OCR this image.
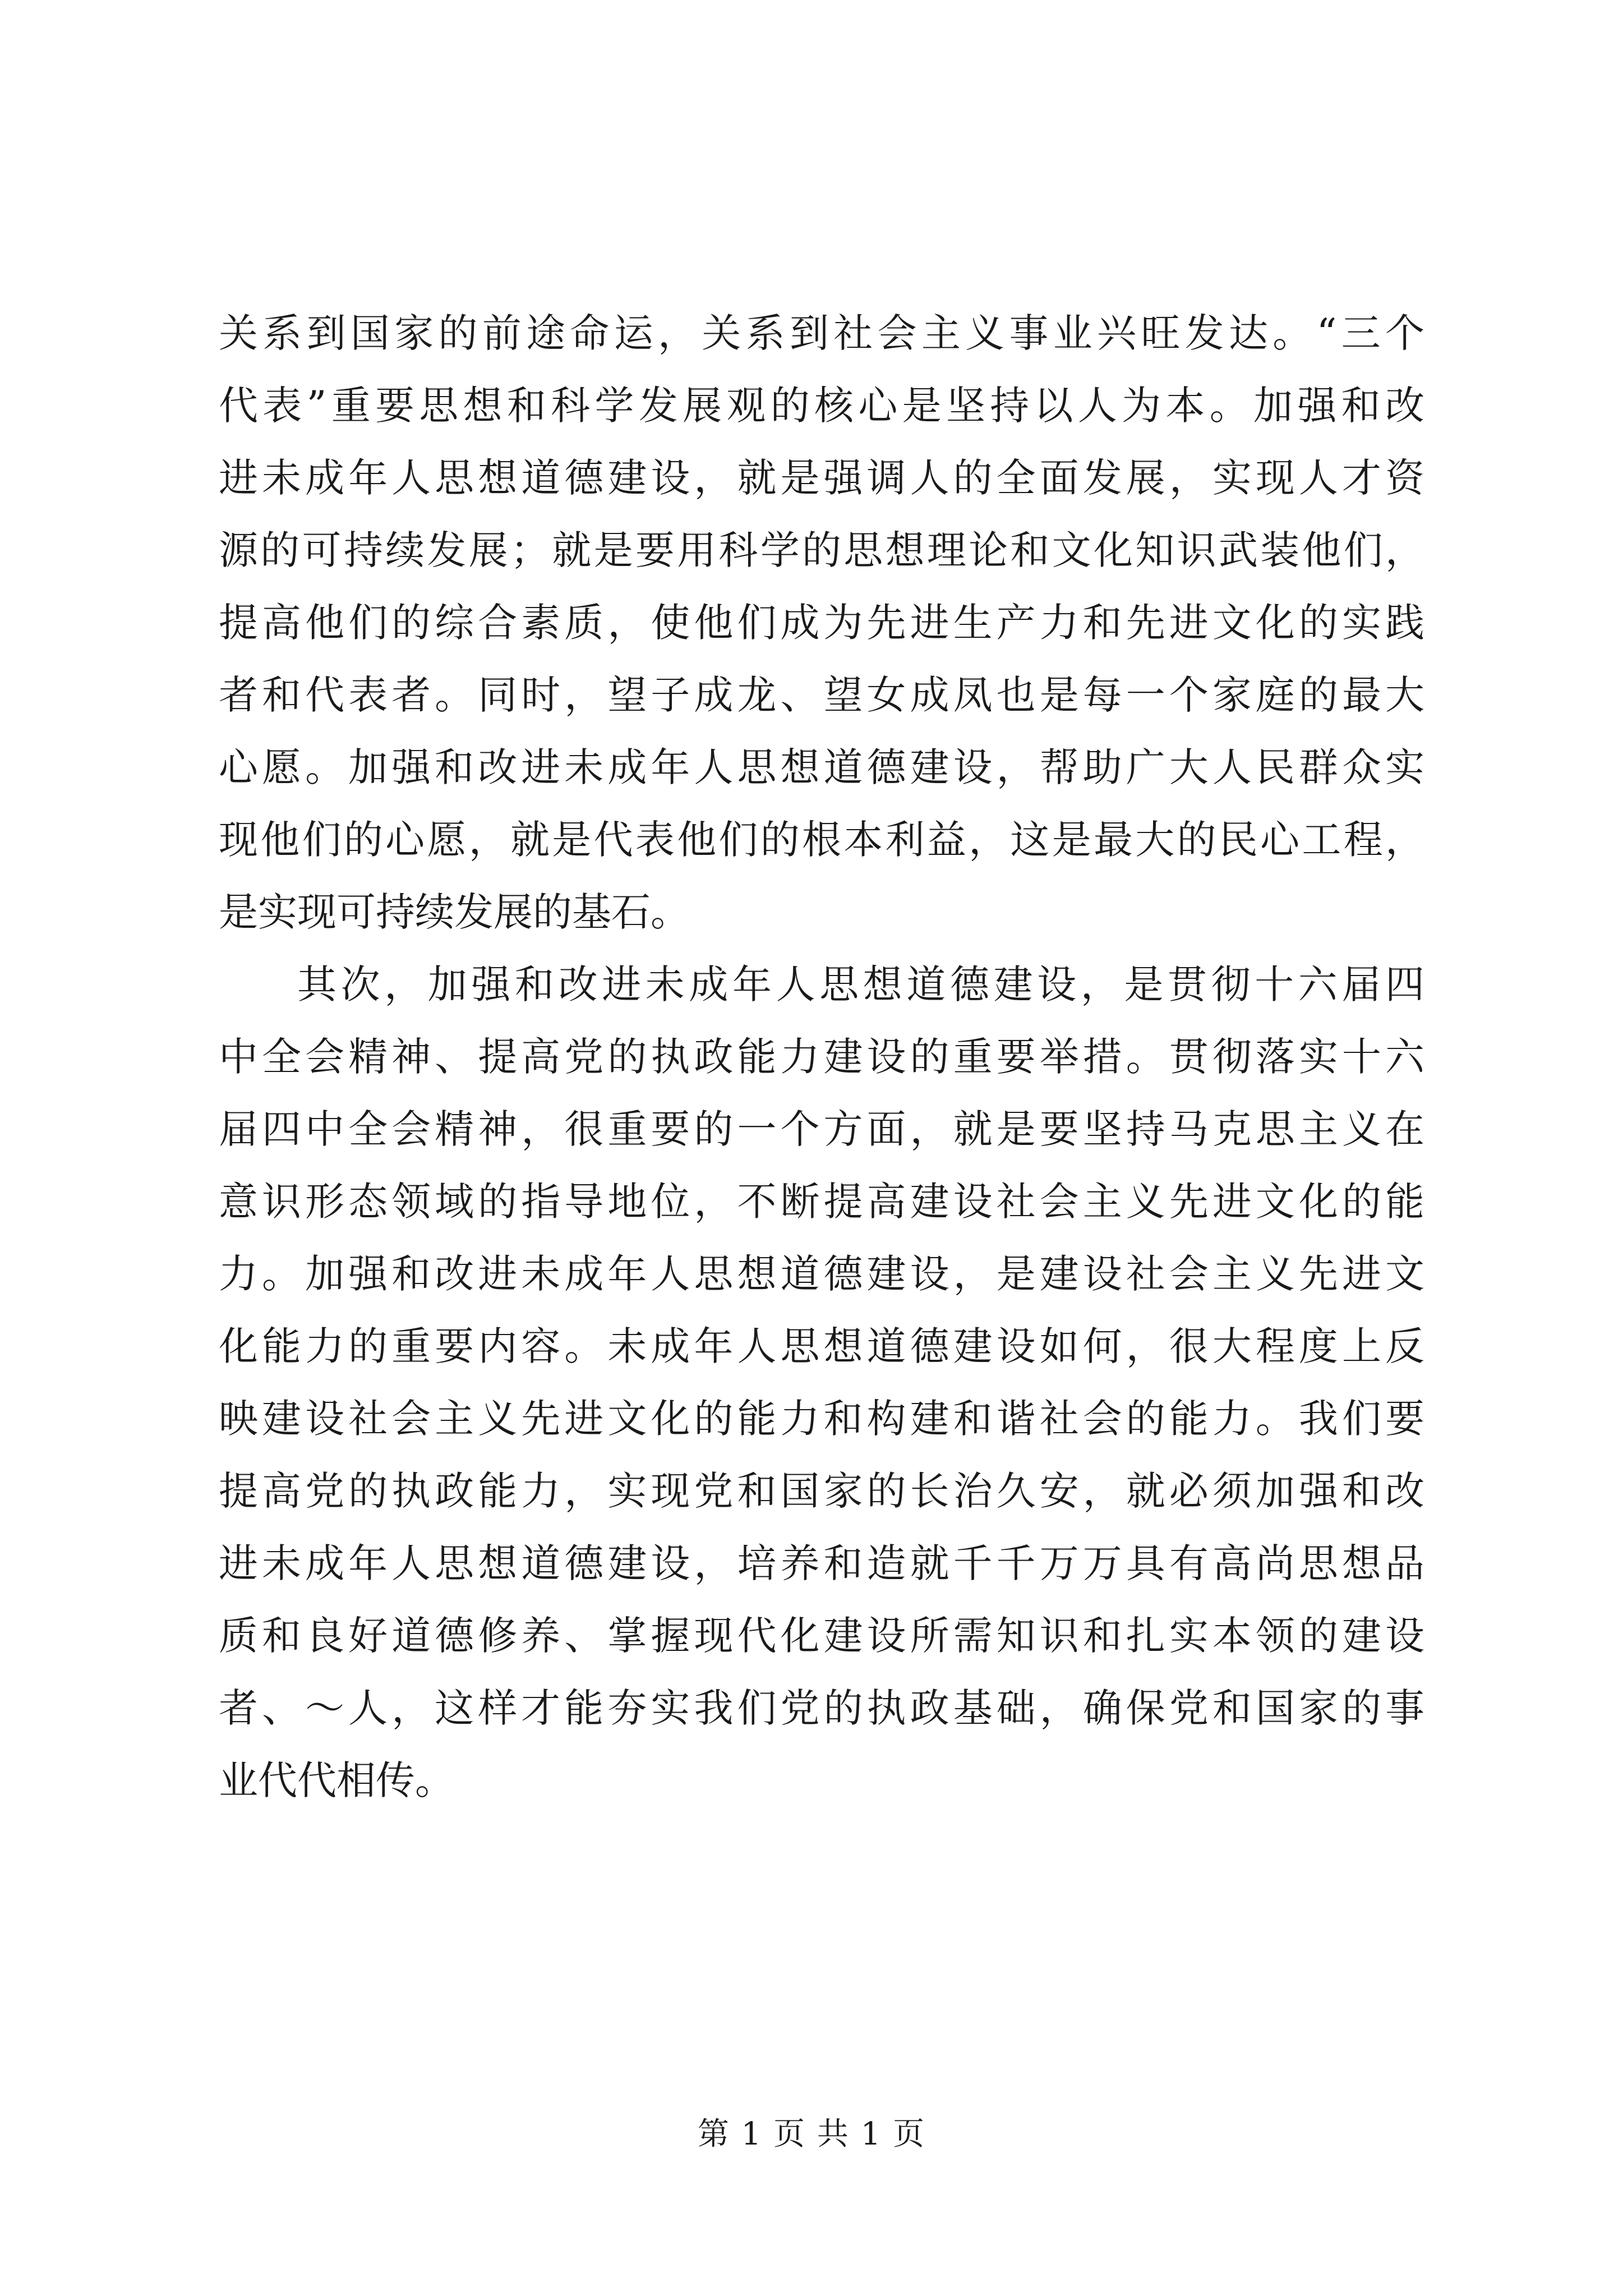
关系到国家的前途命运，关系到社会主义事业兴旺发达。“三个
代表”重要思想和科学发展观的核心是坚持以人为本。加强和改
进未成年人思想道德建设，就是强调人的全面发展，实现人才资
源的可持续发展；就是要用科学的思想理论和文化知识武装他们，
提高他们的综合素质，使他们成为先进生产力和先进文化的实践
者和代表者。同时，望子成龙、望女成凤也是每一个家庭的最大
心愿。加强和改进未成年人思想道德建设，帮助广大人民群众实
现他们的心愿，就是代表他们的根本利益，这是最大的民心工程，
是实现可持续发展的基石。
其次，加强和改进未成年人思想道德建设，是贯彻十六届四
中全会精神、提高党的执政能力建设的重要举措。贯彻落实十六
届四中全会精神，很重要的一个方面，就是要坚持马克思主义在
意识形态领域的指导地位，不断提高建设社会主义先进文化的能
力。加强和改进未成年人思想道德建设，是建设社会主义先进文
化能力的重要内容。未成年人思想道德建设如何，很大程度上反
映建设社会主义先进文化的能力和构建和谐社会的能力。我们要
提高党的执政能力，实现党和国家的长治久安，就必须加强和改
进未成年人思想道德建设，培养和造就千千万万具有高尚思想品
质和良好道德修养、掌握现代化建设所需知识和扎实本领的建设
者、～人，这样才能夯实我们党的执政基础，确保党和国家的事
业代代相传。
第 1 页 共 1 页
